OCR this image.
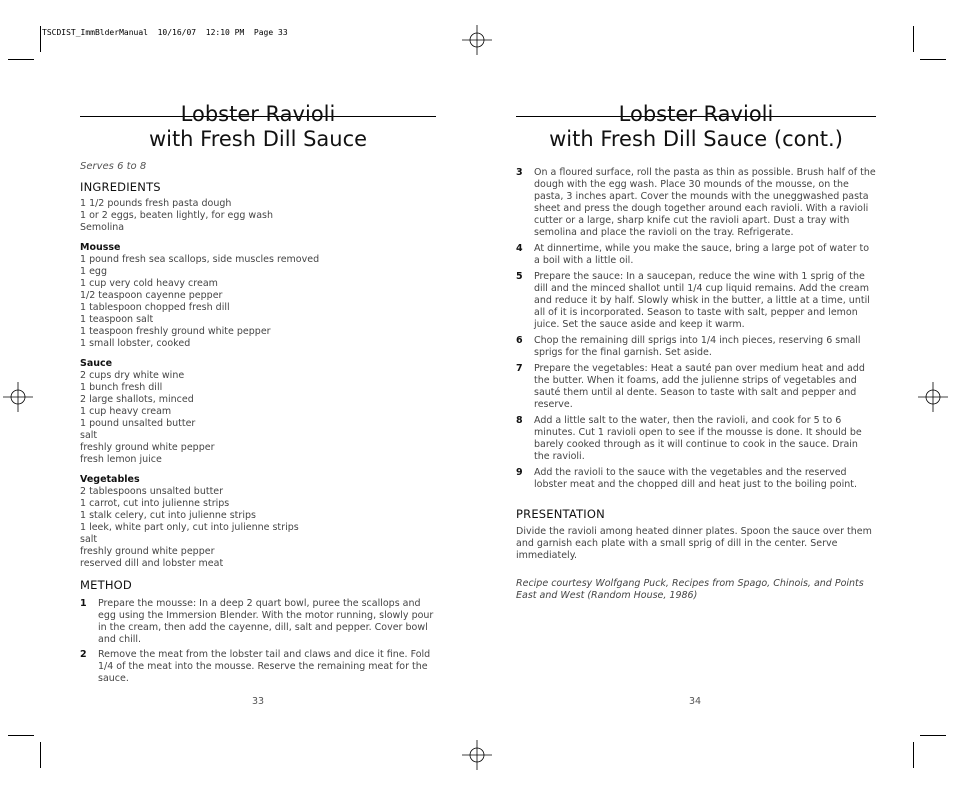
TSCDIST_ImmBlderManual  10/16/07  12:10 PM  Page 33
Lobster Ravioli
with Fresh Dill Sauce
Serves 6 to 8
INGREDIENTS
1 1/2 pounds fresh pasta dough
1 or 2 eggs, beaten lightly, for egg wash
Semolina
Mousse
1 pound fresh sea scallops, side muscles removed
1 egg
1 cup very cold heavy cream
1/2 teaspoon cayenne pepper
1 tablespoon chopped fresh dill
1 teaspoon salt
1 teaspoon freshly ground white pepper
1 small lobster, cooked
Sauce
2 cups dry white wine
1 bunch fresh dill
2 large shallots, minced
1 cup heavy cream
1 pound unsalted butter
salt
freshly ground white pepper
fresh lemon juice
Vegetables
2 tablespoons unsalted butter
1 carrot, cut into julienne strips
1 stalk celery, cut into julienne strips
1 leek, white part only, cut into julienne strips
salt
freshly ground white pepper
reserved dill and lobster meat
METHOD
1	Prepare the mousse: In a deep 2 quart bowl, puree the scallops and egg using the Immersion Blender. With the motor running, slowly pour in the cream, then add the cayenne, dill, salt and pepper. Cover bowl and chill.
2	Remove the meat from the lobster tail and claws and dice it fine. Fold 1/4 of the meat into the mousse. Reserve the remaining meat for the sauce.
33
Lobster Ravioli
with Fresh Dill Sauce (cont.)
3	On a floured surface, roll the pasta as thin as possible. Brush half of the dough with the egg wash. Place 30 mounds of the mousse, on the pasta, 3 inches apart. Cover the mounds with the uneggwashed pasta sheet and press the dough together around each ravioli. With a ravioli cutter or a large, sharp knife cut the ravioli apart. Dust a tray with semolina and place the ravioli on the tray. Refrigerate.
4	At dinnertime, while you make the sauce, bring a large pot of water to a boil with a little oil.
5	Prepare the sauce: In a saucepan, reduce the wine with 1 sprig of the dill and the minced shallot until 1/4 cup liquid remains. Add the cream and reduce it by half. Slowly whisk in the butter, a little at a time, until all of it is incorporated. Season to taste with salt, pepper and lemon juice. Set the sauce aside and keep it warm.
6	Chop the remaining dill sprigs into 1/4 inch pieces, reserving 6 small sprigs for the final garnish. Set aside.
7	Prepare the vegetables: Heat a sauté pan over medium heat and add the butter. When it foams, add the julienne strips of vegetables and sauté them until al dente. Season to taste with salt and pepper and reserve.
8	Add a little salt to the water, then the ravioli, and cook for 5 to 6 minutes. Cut 1 ravioli open to see if the mousse is done. It should be barely cooked through as it will continue to cook in the sauce. Drain the ravioli.
9	Add the ravioli to the sauce with the vegetables and the reserved lobster meat and the chopped dill and heat just to the boiling point.
PRESENTATION
Divide the ravioli among heated dinner plates. Spoon the sauce over them and garnish each plate with a small sprig of dill in the center. Serve immediately.
Recipe courtesy Wolfgang Puck, Recipes from Spago, Chinois, and Points East and West (Random House, 1986)
34
